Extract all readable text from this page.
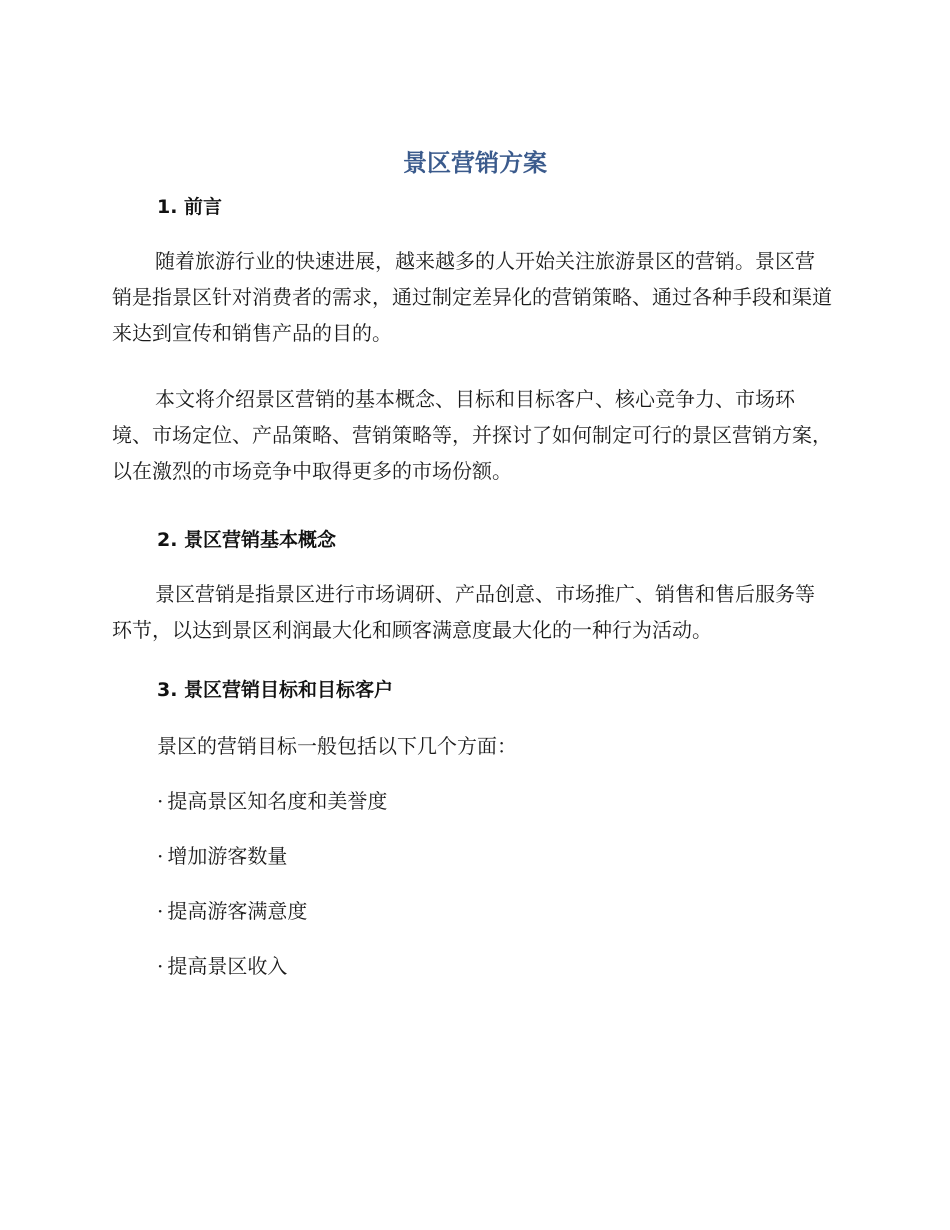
景区营销方案
1. 前言

随着旅游行业的快速进展，越来越多的人开始关注旅游景区的营销。景区营销是指景区针对消费者的需求，通过制定差异化的营销策略、通过各种手段和渠道来达到宣传和销售产品的目的。

本文将介绍景区营销的基本概念、目标和目标客户、核心竞争力、市场环境、市场定位、产品策略、营销策略等，并探讨了如何制定可行的景区营销方案，以在激烈的市场竞争中取得更多的市场份额。

2. 景区营销基本概念

景区营销是指景区进行市场调研、产品创意、市场推广、销售和售后服务等环节，以达到景区利润最大化和顾客满意度最大化的一种行为活动。

3. 景区营销目标和目标客户

景区的营销目标一般包括以下几个方面：

· 提高景区知名度和美誉度
· 增加游客数量
· 提高游客满意度
· 提高景区收入
